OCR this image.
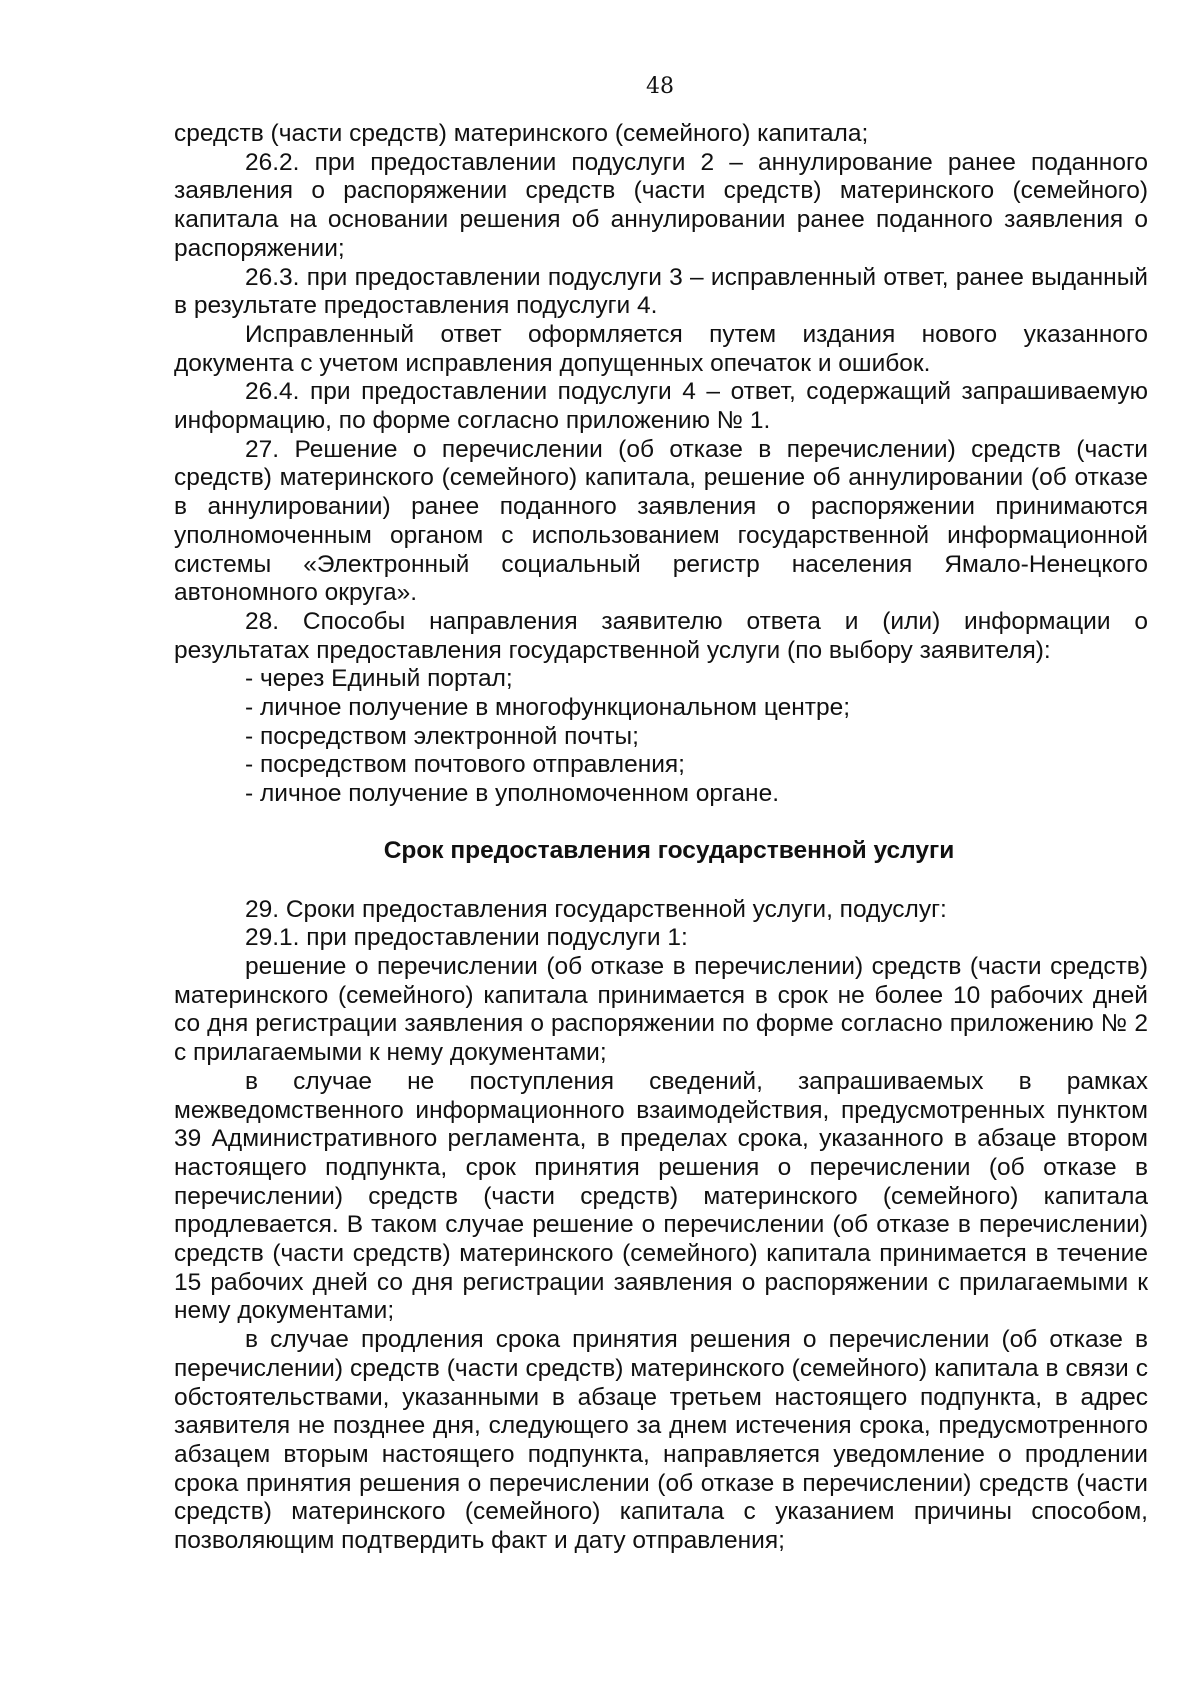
48

средств (части средств) материнского (семейного) капитала;

26.2. при предоставлении подуслуги 2 – аннулирование ранее поданного заявления о распоряжении средств (части средств) материнского (семейного) капитала на основании решения об аннулировании ранее поданного заявления о распоряжении;

26.3. при предоставлении подуслуги 3 – исправленный ответ, ранее выданный в результате предоставления подуслуги 4.

Исправленный ответ оформляется путем издания нового указанного документа с учетом исправления допущенных опечаток и ошибок.

26.4. при предоставлении подуслуги 4 – ответ, содержащий запрашиваемую информацию, по форме согласно приложению № 1.

27. Решение о перечислении (об отказе в перечислении) средств (части средств) материнского (семейного) капитала, решение об аннулировании (об отказе в аннулировании) ранее поданного заявления о распоряжении принимаются уполномоченным органом с использованием государственной информационной системы «Электронный социальный регистр населения Ямало-Ненецкого автономного округа».

28. Способы направления заявителю ответа и (или) информации о результатах предоставления государственной услуги (по выбору заявителя):

- через Единый портал;

- личное получение в многофункциональном центре;

- посредством электронной почты;

- посредством почтового отправления;

- личное получение в уполномоченном органе.

Срок предоставления государственной услуги

29. Сроки предоставления государственной услуги, подуслуг:

29.1. при предоставлении подуслуги 1:

решение о перечислении (об отказе в перечислении) средств (части средств) материнского (семейного) капитала принимается в срок не более 10 рабочих дней со дня регистрации заявления о распоряжении по форме согласно приложению № 2 с прилагаемыми к нему документами;

в случае не поступления сведений, запрашиваемых в рамках межведомственного информационного взаимодействия, предусмотренных пунктом 39 Административного регламента, в пределах срока, указанного в абзаце втором настоящего подпункта, срок принятия решения о перечислении (об отказе в перечислении) средств (части средств) материнского (семейного) капитала продлевается. В таком случае решение о перечислении (об отказе в перечислении) средств (части средств) материнского (семейного) капитала принимается в течение 15 рабочих дней со дня регистрации заявления о распоряжении с прилагаемыми к нему документами;

в случае продления срока принятия решения о перечислении (об отказе в перечислении) средств (части средств) материнского (семейного) капитала в связи с обстоятельствами, указанными в абзаце третьем настоящего подпункта, в адрес заявителя не позднее дня, следующего за днем истечения срока, предусмотренного абзацем вторым настоящего подпункта, направляется уведомление о продлении срока принятия решения о перечислении (об отказе в перечислении) средств (части средств) материнского (семейного) капитала с указанием причины способом, позволяющим подтвердить факт и дату отправления;
